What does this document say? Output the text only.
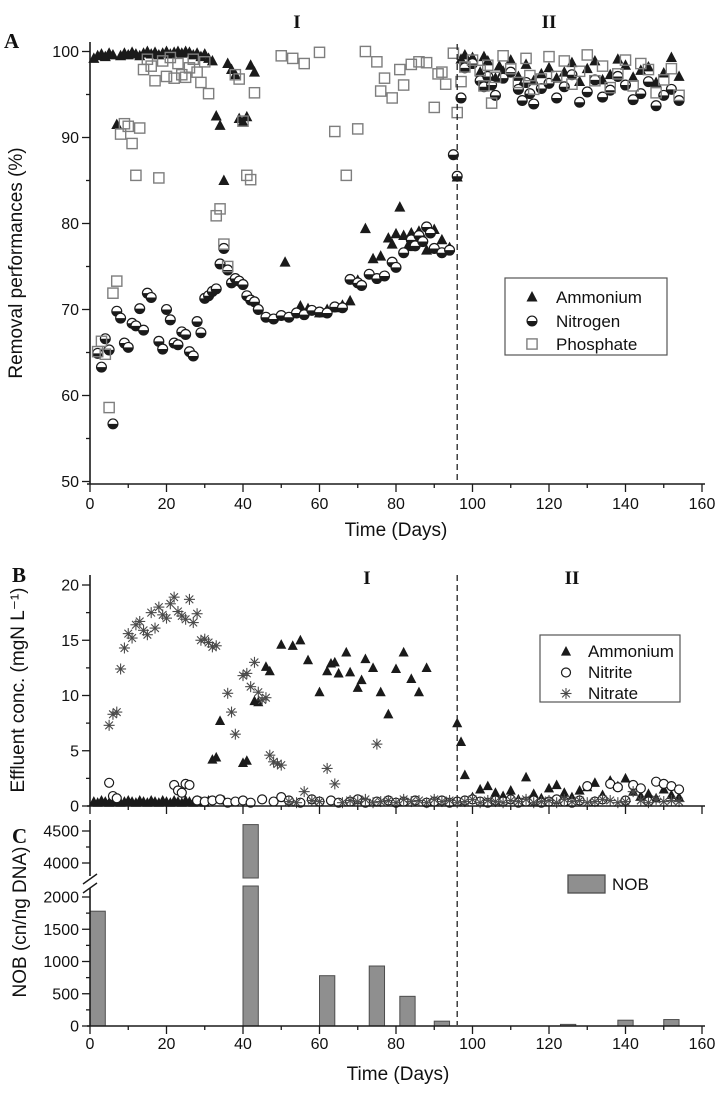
50
60
70
80
90
100
0	20	40	60	80	100	120	140	160
0
5
10
15
20
0
500
1000
1500
2000
4000
4500
0	20	40	60	80	100	120	140	160
A
B
C
I	II
I	II
Removal performances (%)
Effluent conc. (mgN L⁻¹)
NOB (cn/ng DNA)
Time (Days)
Time (Days)
Ammonium
Nitrogen
Phosphate
Ammonium
Nitrite
Nitrate
NOB
